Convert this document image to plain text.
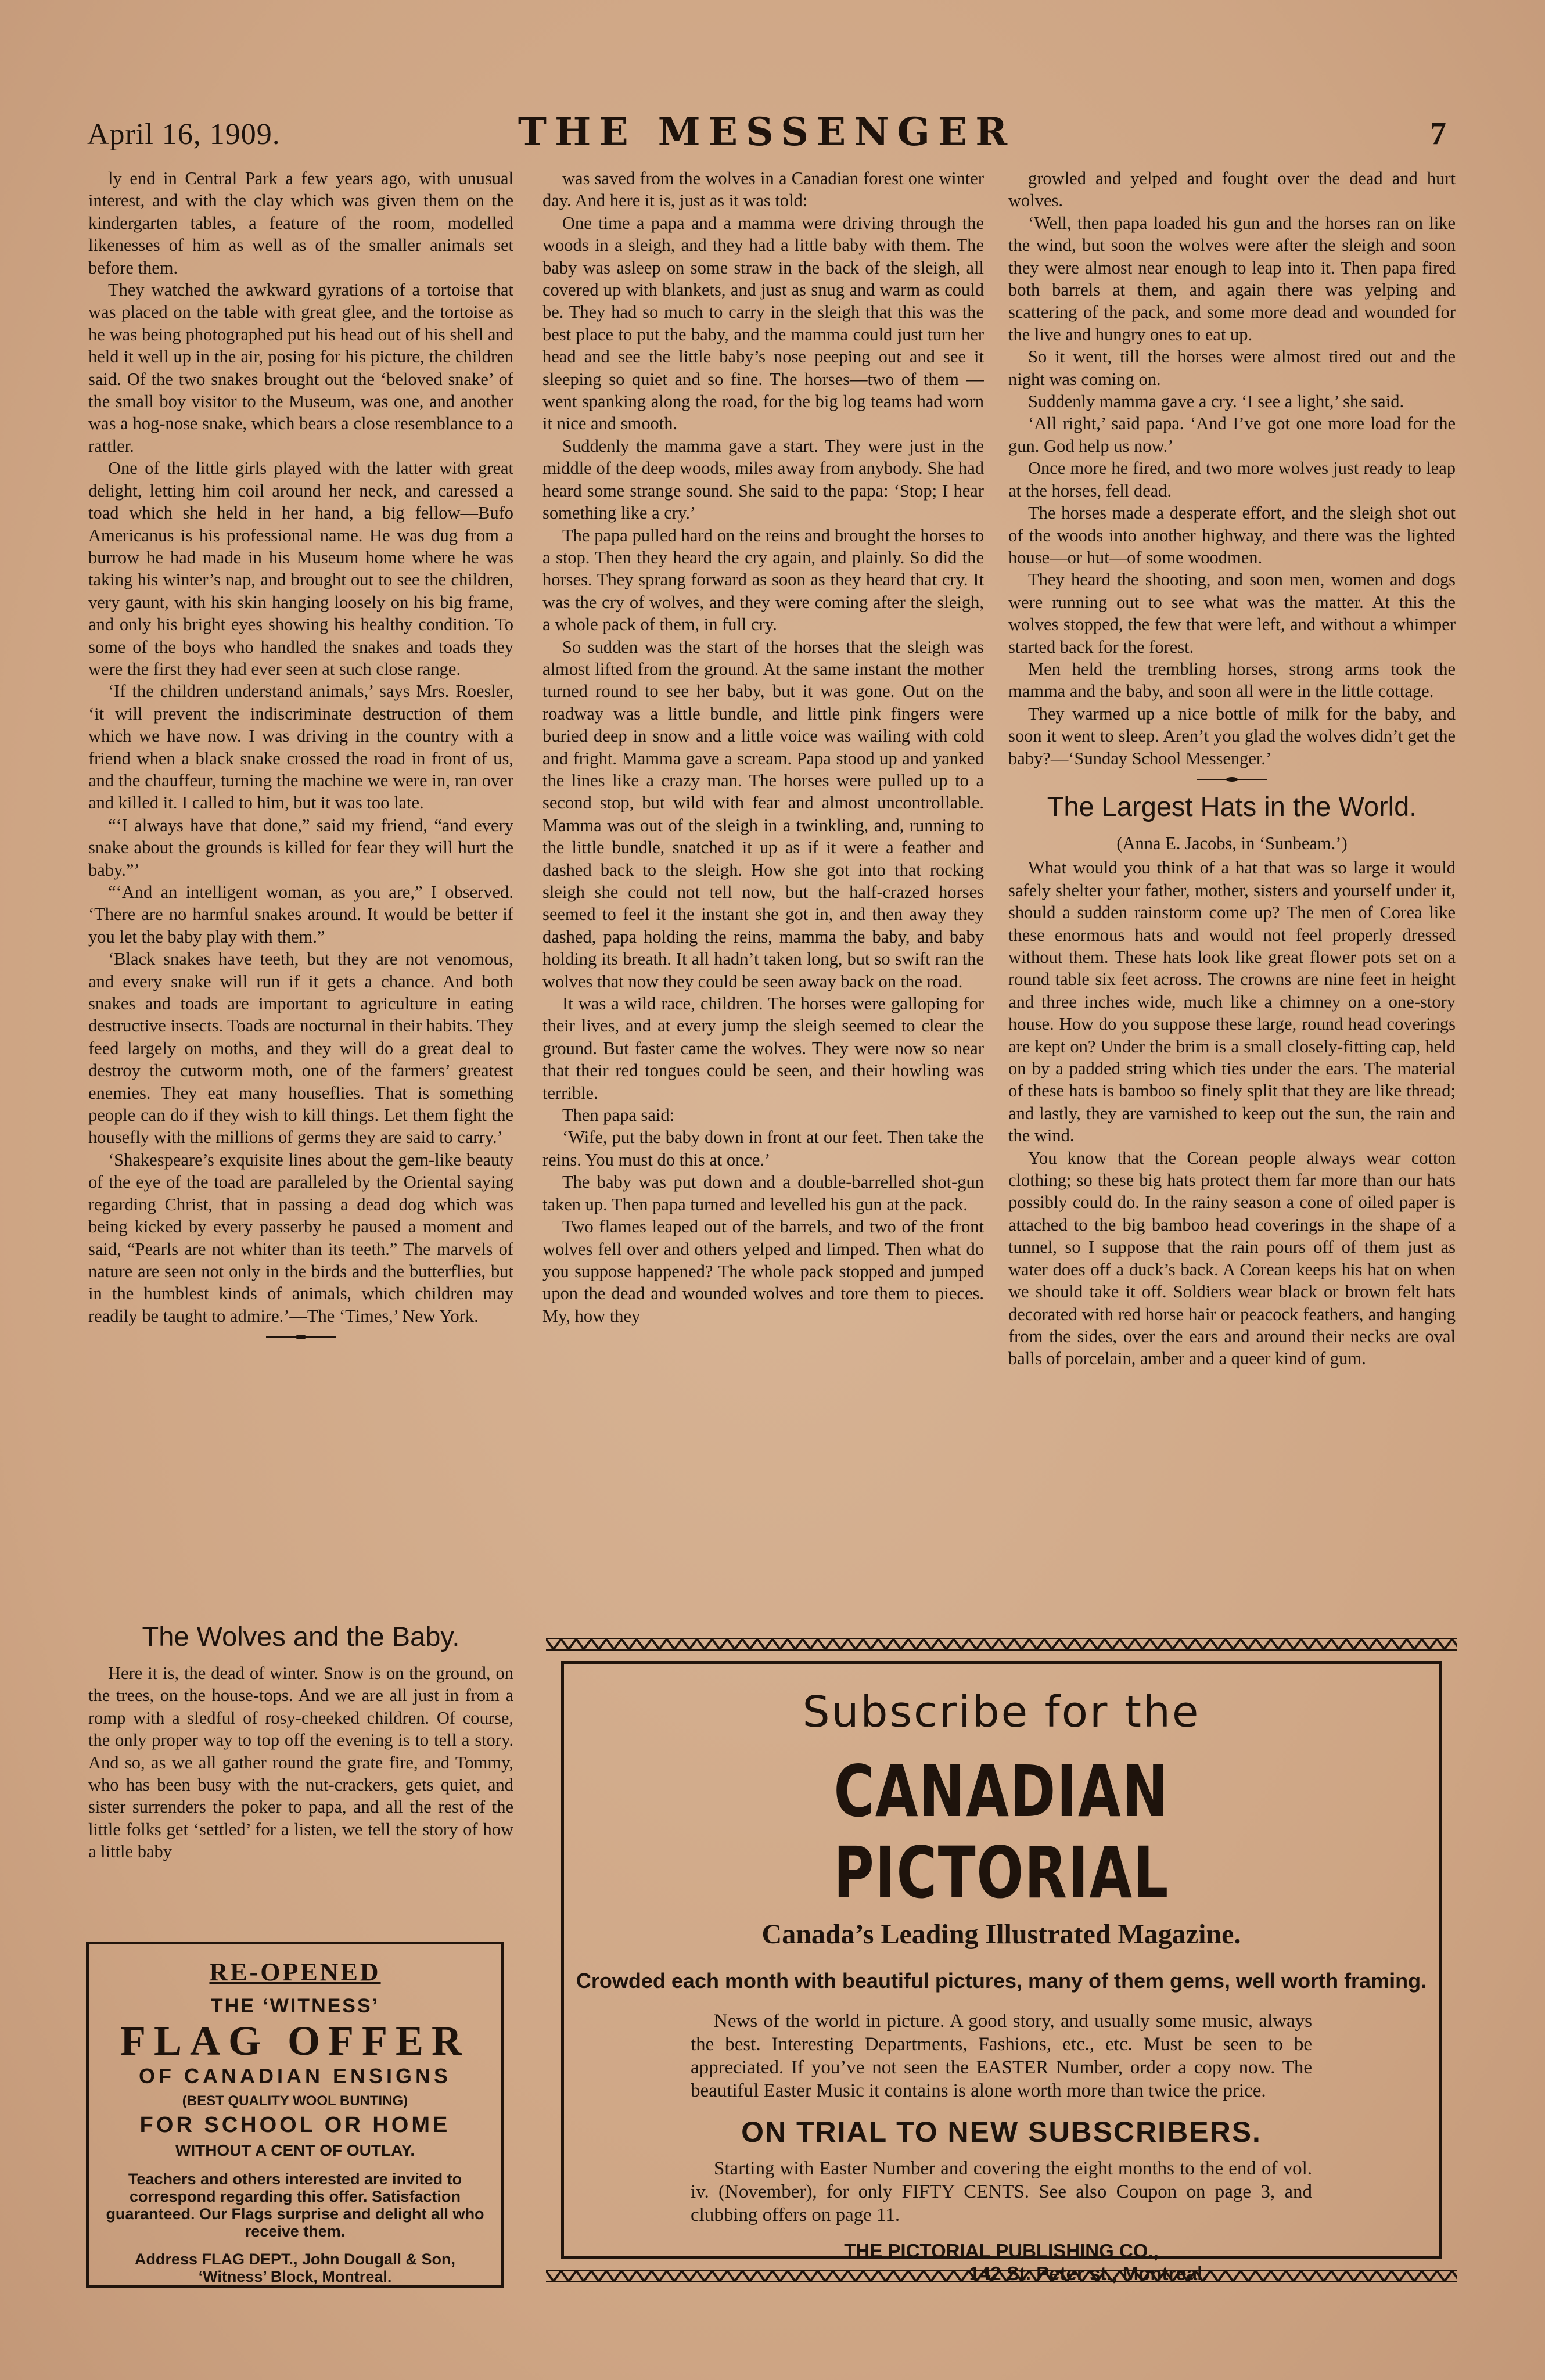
April 16, 1909.	THE MESSENGER	7

ly end in Central Park a few years ago, with unusual interest, and with the clay which was given them on the kindergarten tables, a feature of the room, modelled likenesses of him as well as of the smaller animals set before them.

They watched the awkward gyrations of a tortoise that was placed on the table with great glee, and the tortoise as he was being photographed put his head out of his shell and held it well up in the air, posing for his picture, the children said. Of the two snakes brought out the ‘beloved snake’ of the small boy visitor to the Museum, was one, and another was a hog-nose snake, which bears a close resemblance to a rattler.

One of the little girls played with the latter with great delight, letting him coil around her neck, and caressed a toad which she held in her hand, a big fellow—Bufo Americanus is his professional name. He was dug from a burrow he had made in his Museum home where he was taking his winter’s nap, and brought out to see the children, very gaunt, with his skin hanging loosely on his big frame, and only his bright eyes showing his healthy condition. To some of the boys who handled the snakes and toads they were the first they had ever seen at such close range.

‘If the children understand animals,’ says Mrs. Roesler, ‘it will prevent the indiscriminate destruction of them which we have now. I was driving in the country with a friend when a black snake crossed the road in front of us, and the chauffeur, turning the machine we were in, ran over and killed it. I called to him, but it was too late.

“‘I always have that done,” said my friend, “and every snake about the grounds is killed for fear they will hurt the baby.”’

“‘And an intelligent woman, as you are,” I observed. ‘There are no harmful snakes around. It would be better if you let the baby play with them.”

‘Black snakes have teeth, but they are not venomous, and every snake will run if it gets a chance. And both snakes and toads are important to agriculture in eating destructive insects. Toads are nocturnal in their habits. They feed largely on moths, and they will do a great deal to destroy the cutworm moth, one of the farmers’ greatest enemies. They eat many houseflies. That is something people can do if they wish to kill things. Let them fight the housefly with the millions of germs they are said to carry.’

‘Shakespeare’s exquisite lines about the gem-like beauty of the eye of the toad are paralleled by the Oriental saying regarding Christ, that in passing a dead dog which was being kicked by every passerby he paused a moment and said, “Pearls are not whiter than its teeth.” The marvels of nature are seen not only in the birds and the butterflies, but in the humblest kinds of animals, which children may readily be taught to admire.’—The ‘Times,’ New York.

The Wolves and the Baby.

Here it is, the dead of winter. Snow is on the ground, on the trees, on the house-tops. And we are all just in from a romp with a sledful of rosy-cheeked children. Of course, the only proper way to top off the evening is to tell a story. And so, as we all gather round the grate fire, and Tommy, who has been busy with the nut-crackers, gets quiet, and sister surrenders the poker to papa, and all the rest of the little folks get ‘settled’ for a listen, we tell the story of how a little baby

RE-OPENED
THE ‘WITNESS’
FLAG OFFER
OF CANADIAN ENSIGNS
(BEST QUALITY WOOL BUNTING)
FOR SCHOOL OR HOME
WITHOUT A CENT OF OUTLAY.
Teachers and others interested are invited to correspond regarding this offer. Satisfaction guaranteed. Our Flags surprise and delight all who receive them.
Address FLAG DEPT., John Dougall & Son, ‘Witness’ Block, Montreal.

was saved from the wolves in a Canadian forest one winter day. And here it is, just as it was told:

One time a papa and a mamma were driving through the woods in a sleigh, and they had a little baby with them. The baby was asleep on some straw in the back of the sleigh, all covered up with blankets, and just as snug and warm as could be. They had so much to carry in the sleigh that this was the best place to put the baby, and the mamma could just turn her head and see the little baby’s nose peeping out and see it sleeping so quiet and so fine. The horses—two of them —went spanking along the road, for the big log teams had worn it nice and smooth.

Suddenly the mamma gave a start. They were just in the middle of the deep woods, miles away from anybody. She had heard some strange sound. She said to the papa: ‘Stop; I hear something like a cry.’

The papa pulled hard on the reins and brought the horses to a stop. Then they heard the cry again, and plainly. So did the horses. They sprang forward as soon as they heard that cry. It was the cry of wolves, and they were coming after the sleigh, a whole pack of them, in full cry.

So sudden was the start of the horses that the sleigh was almost lifted from the ground. At the same instant the mother turned round to see her baby, but it was gone. Out on the roadway was a little bundle, and little pink fingers were buried deep in snow and a little voice was wailing with cold and fright. Mamma gave a scream. Papa stood up and yanked the lines like a crazy man. The horses were pulled up to a second stop, but wild with fear and almost uncontrollable. Mamma was out of the sleigh in a twinkling, and, running to the little bundle, snatched it up as if it were a feather and dashed back to the sleigh. How she got into that rocking sleigh she could not tell now, but the half-crazed horses seemed to feel it the instant she got in, and then away they dashed, papa holding the reins, mamma the baby, and baby holding its breath. It all hadn’t taken long, but so swift ran the wolves that now they could be seen away back on the road.

It was a wild race, children. The horses were galloping for their lives, and at every jump the sleigh seemed to clear the ground. But faster came the wolves. They were now so near that their red tongues could be seen, and their howling was terrible.

Then papa said:

‘Wife, put the baby down in front at our feet. Then take the reins. You must do this at once.’

The baby was put down and a double-barrelled shot-gun taken up. Then papa turned and levelled his gun at the pack.

Two flames leaped out of the barrels, and two of the front wolves fell over and others yelped and limped. Then what do you suppose happened? The whole pack stopped and jumped upon the dead and wounded wolves and tore them to pieces. My, how they

growled and yelped and fought over the dead and hurt wolves.

‘Well, then papa loaded his gun and the horses ran on like the wind, but soon the wolves were after the sleigh and soon they were almost near enough to leap into it. Then papa fired both barrels at them, and again there was yelping and scattering of the pack, and some more dead and wounded for the live and hungry ones to eat up.

So it went, till the horses were almost tired out and the night was coming on.

Suddenly mamma gave a cry. ‘I see a light,’ she said.

‘All right,’ said papa. ‘And I’ve got one more load for the gun. God help us now.’

Once more he fired, and two more wolves just ready to leap at the horses, fell dead.

The horses made a desperate effort, and the sleigh shot out of the woods into another highway, and there was the lighted house—or hut—of some woodmen.

They heard the shooting, and soon men, women and dogs were running out to see what was the matter. At this the wolves stopped, the few that were left, and without a whimper started back for the forest.

Men held the trembling horses, strong arms took the mamma and the baby, and soon all were in the little cottage.

They warmed up a nice bottle of milk for the baby, and soon it went to sleep. Aren’t you glad the wolves didn’t get the baby?—‘Sunday School Messenger.’

The Largest Hats in the World.
(Anna E. Jacobs, in ‘Sunbeam.’)

What would you think of a hat that was so large it would safely shelter your father, mother, sisters and yourself under it, should a sudden rainstorm come up? The men of Corea like these enormous hats and would not feel properly dressed without them. These hats look like great flower pots set on a round table six feet across. The crowns are nine feet in height and three inches wide, much like a chimney on a one-story house. How do you suppose these large, round head coverings are kept on? Under the brim is a small closely-fitting cap, held on by a padded string which ties under the ears. The material of these hats is bamboo so finely split that they are like thread; and lastly, they are varnished to keep out the sun, the rain and the wind.

You know that the Corean people always wear cotton clothing; so these big hats protect them far more than our hats possibly could do. In the rainy season a cone of oiled paper is attached to the big bamboo head coverings in the shape of a tunnel, so I suppose that the rain pours off of them just as water does off a duck’s back. A Corean keeps his hat on when we should take it off. Soldiers wear black or brown felt hats decorated with red horse hair or peacock feathers, and hanging from the sides, over the ears and around their necks are oval balls of porcelain, amber and a queer kind of gum.

Subscribe for the
CANADIAN PICTORIAL
Canada’s Leading Illustrated Magazine.
Crowded each month with beautiful pictures, many of them gems, well worth framing.
News of the world in picture. A good story, and usually some music, always the best. Interesting Departments, Fashions, etc., etc. Must be seen to be appreciated. If you’ve not seen the EASTER Number, order a copy now. The beautiful Easter Music it contains is alone worth more than twice the price.
ON TRIAL TO NEW SUBSCRIBERS.
Starting with Easter Number and covering the eight months to the end of vol. iv. (November), for only FIFTY CENTS. See also Coupon on page 3, and clubbing offers on page 11.
THE PICTORIAL PUBLISHING CO.,
